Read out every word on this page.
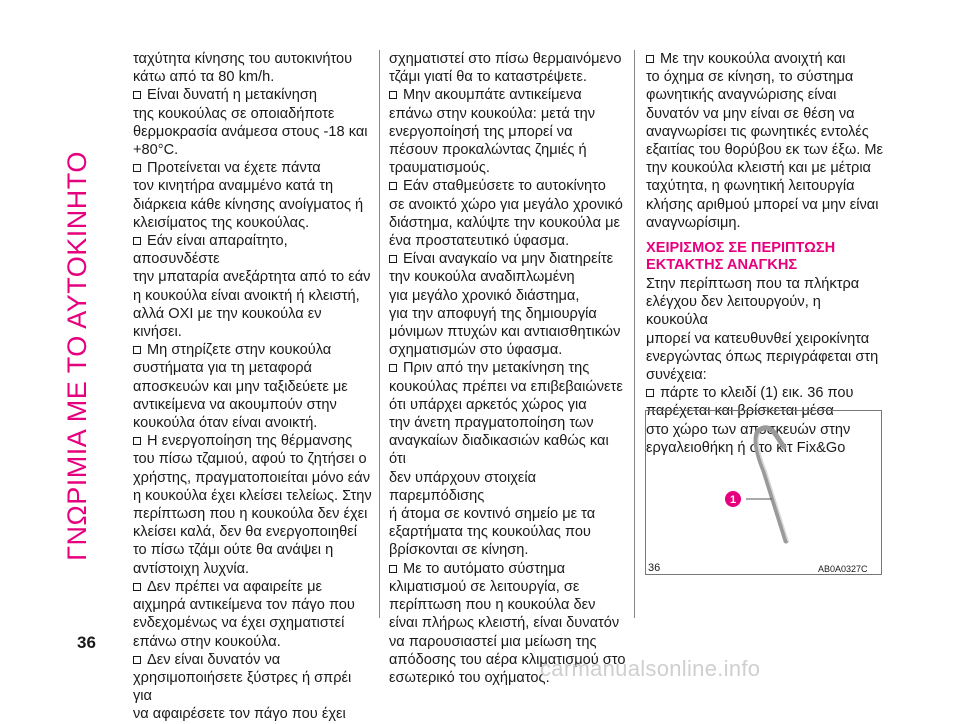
ΓΝΩΡΙΜΙΑ ΜΕ ΤΟ ΑΥΤΟΚΙΝΗΤΟ
36

ταχύτητα κίνησης του αυτοκινήτου

κάτω από τα 80 km/h.

Είναι δυνατή η μετακίνηση

της κουκούλας σε οποιαδήποτε

θερμοκρασία ανάμεσα στους -18 και

+80°C.

Προτείνεται να έχετε πάντα

τον κινητήρα αναμμένο κατά τη

διάρκεια κάθε κίνησης ανοίγματος ή

κλεισίματος της κουκούλας.

Εάν είναι απαραίτητο, αποσυνδέστε

την μπαταρία ανεξάρτητα από το εάν

η κουκούλα είναι ανοικτή ή κλειστή,

αλλά ΟΧΙ με την κουκούλα εν κινήσει.

Μη στηρίζετε στην κουκούλα

συστήματα για τη μεταφορά

αποσκευών και μην ταξιδεύετε με

αντικείμενα να ακουμπούν στην

κουκούλα όταν είναι ανοικτή.

Η ενεργοποίηση της θέρμανσης

του πίσω τζαμιού, αφού το ζητήσει ο

χρήστης, πραγματοποιείται μόνο εάν

η κουκούλα έχει κλείσει τελείως. Στην

περίπτωση που η κουκούλα δεν έχει

κλείσει καλά, δεν θα ενεργοποιηθεί

το πίσω τζάμι ούτε θα ανάψει η

αντίστοιχη λυχνία.

Δεν πρέπει να αφαιρείτε με

αιχμηρά αντικείμενα τον πάγο που

ενδεχομένως να έχει σχηματιστεί

επάνω στην κουκούλα.

Δεν είναι δυνατόν να

χρησιμοποιήσετε ξύστρες ή σπρέι για

να αφαιρέσετε τον πάγο που έχει

σχηματιστεί στο πίσω θερμαινόμενο

τζάμι γιατί θα το καταστρέψετε.

Μην ακουμπάτε αντικείμενα

επάνω στην κουκούλα: μετά την

ενεργοποίησή της μπορεί να

πέσουν προκαλώντας ζημιές ή

τραυματισμούς.

Εάν σταθμεύσετε το αυτοκίνητο

σε ανοικτό χώρο για μεγάλο χρονικό

διάστημα, καλύψτε την κουκούλα με

ένα προστατευτικό ύφασμα.

Είναι αναγκαίο να μην διατηρείτε

την κουκούλα αναδιπλωμένη

για μεγάλο χρονικό διάστημα,

για την αποφυγή της δημιουργία

μόνιμων πτυχών και αντιαισθητικών

σχηματισμών στο ύφασμα.

Πριν από την μετακίνηση της

κουκούλας πρέπει να επιβεβαιώνετε

ότι υπάρχει αρκετός χώρος για

την άνετη πραγματοποίηση των

αναγκαίων διαδικασιών καθώς και ότι

δεν υπάρχουν στοιχεία παρεμπόδισης

ή άτομα σε κοντινό σημείο με τα

εξαρτήματα της κουκούλας που

βρίσκονται σε κίνηση.

Με το αυτόματο σύστημα

κλιματισμού σε λειτουργία, σε

περίπτωση που η κουκούλα δεν

είναι πλήρως κλειστή, είναι δυνατόν

να παρουσιαστεί μια μείωση της

απόδοσης του αέρα κλιματισμού στο

εσωτερικό του οχήματος.

Με την κουκούλα ανοιχτή και

το όχημα σε κίνηση, το σύστημα

φωνητικής αναγνώρισης είναι

δυνατόν να μην είναι σε θέση να

αναγνωρίσει τις φωνητικές εντολές

εξαιτίας του θορύβου εκ των έξω. Με

την κουκούλα κλειστή και με μέτρια

ταχύτητα, η φωνητική λειτουργία

κλήσης αριθμού μπορεί να μην είναι

αναγνωρίσιμη.

ΧΕΙΡΙΣΜΟΣ ΣΕ ΠΕΡΙΠΤΩΣΗ

ΕΚΤΑΚΤΗΣ ΑΝΑΓΚΗΣ

Στην περίπτωση που τα πλήκτρα

ελέγχου δεν λειτουργούν, η κουκούλα

μπορεί να κατευθυνθεί χειροκίνητα

ενεργώντας όπως περιγράφεται στη

συνέχεια:

πάρτε το κλειδί (1) εικ. 36 που

παρέχεται και βρίσκεται μέσα

στο χώρο των αποσκευών στην

εργαλειοθήκη ή στο κιτ Fix&Go

1
36	AB0A0327C
carmanualsonline.info
